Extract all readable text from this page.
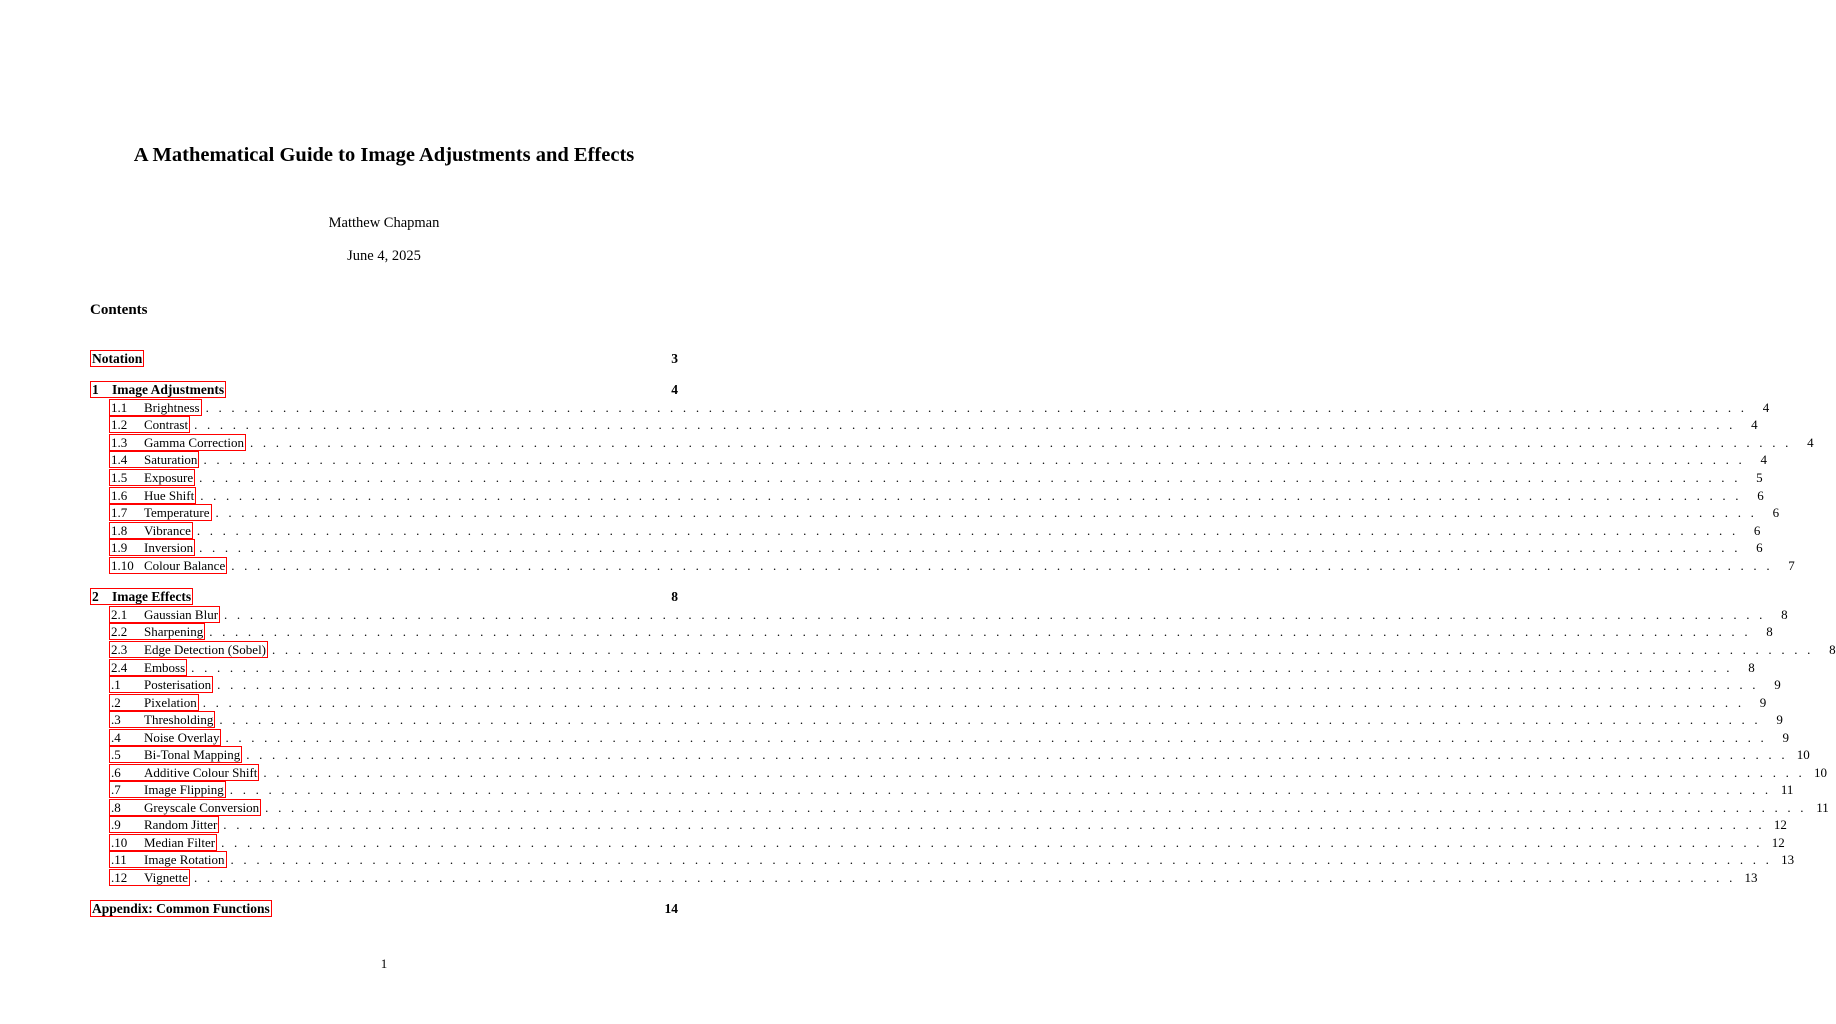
A Mathematical Guide to Image Adjustments and Effects
Matthew Chapman
June 4, 2025
Contents
Notation	3
1 Image Adjustments	4
1.1	Brightness . . . . . . . . . . . . . . . . . . . . . . . . . . . . . . . . . . . . . . . . . . . . . . . . . . . . . . . . . . . . . . . . . . . . . . . . . . . . . . . . . . . . . . . . . . . . . . . . . . . . . . . . . . . . . . . . . . . . . . . .	4
1.2	Contrast . . . . . . . . . . . . . . . . . . . . . . . . . . . . . . . . . . . . . . . . . . . . . . . . . . . . . . . . . . . . . . . . . . . . . . . . . . . . . . . . . . . . . . . . . . . . . . . . . . . . . . . . . . . . . . . . . . . . . . . .	4
1.3	Gamma Correction . . . . . . . . . . . . . . . . . . . . . . . . . . . . . . . . . . . . . . . . . . . . . . . . . . . . . . . . . . . . . . . . . . . . . . . . . . . . . . . . . . . . . . . . . . . . . . . . . . . . . . . . . . . . . . . . . . . . . . . .	4
1.4	Saturation . . . . . . . . . . . . . . . . . . . . . . . . . . . . . . . . . . . . . . . . . . . . . . . . . . . . . . . . . . . . . . . . . . . . . . . . . . . . . . . . . . . . . . . . . . . . . . . . . . . . . . . . . . . . . . . . . . . . . . . .	4
1.5	Exposure . . . . . . . . . . . . . . . . . . . . . . . . . . . . . . . . . . . . . . . . . . . . . . . . . . . . . . . . . . . . . . . . . . . . . . . . . . . . . . . . . . . . . . . . . . . . . . . . . . . . . . . . . . . . . . . . . . . . . . . .	5
1.6	Hue Shift . . . . . . . . . . . . . . . . . . . . . . . . . . . . . . . . . . . . . . . . . . . . . . . . . . . . . . . . . . . . . . . . . . . . . . . . . . . . . . . . . . . . . . . . . . . . . . . . . . . . . . . . . . . . . . . . . . . . . . . .	6
1.7	Temperature . . . . . . . . . . . . . . . . . . . . . . . . . . . . . . . . . . . . . . . . . . . . . . . . . . . . . . . . . . . . . . . . . . . . . . . . . . . . . . . . . . . . . . . . . . . . . . . . . . . . . . . . . . . . . . . . . . . . . . . .	6
1.8	Vibrance . . . . . . . . . . . . . . . . . . . . . . . . . . . . . . . . . . . . . . . . . . . . . . . . . . . . . . . . . . . . . . . . . . . . . . . . . . . . . . . . . . . . . . . . . . . . . . . . . . . . . . . . . . . . . . . . . . . . . . . .	6
1.9	Inversion . . . . . . . . . . . . . . . . . . . . . . . . . . . . . . . . . . . . . . . . . . . . . . . . . . . . . . . . . . . . . . . . . . . . . . . . . . . . . . . . . . . . . . . . . . . . . . . . . . . . . . . . . . . . . . . . . . . . . . . .	6
1.10 Colour Balance . . . . . . . . . . . . . . . . . . . . . . . . . . . . . . . . . . . . . . . . . . . . . . . . . . . . . . . . . . . . . . . . . . . . . . . . . . . . . . . . . . . . . . . . . . . . . . . . . . . . . . . . . . . . . . . . . . . . . . . .	7
2 Image Effects	8
2.1	Gaussian Blur . . . . . . . . . . . . . . . . . . . . . . . . . . . . . . . . . . . . . . . . . . . . . . . . . . . . . . . . . . . . . . . . . . . . . . . . . . . . . . . . . . . . . . . . . . . . . . . . . . . . . . . . . . . . . . . . . . . . . . . .	8
2.2	Sharpening . . . . . . . . . . . . . . . . . . . . . . . . . . . . . . . . . . . . . . . . . . . . . . . . . . . . . . . . . . . . . . . . . . . . . . . . . . . . . . . . . . . . . . . . . . . . . . . . . . . . . . . . . . . . . . . . . . . . . . . .	8
2.3	Edge Detection (Sobel) . . . . . . . . . . . . . . . . . . . . . . . . . . . . . . . . . . . . . . . . . . . . . . . . . . . . . . . . . . . . . . . . . . . . . . . . . . . . . . . . . . . . . . . . . . . . . . . . . . . . . . . . . . . . . . . . . . . . . . . .	8
2.4	Emboss . . . . . . . . . . . . . . . . . . . . . . . . . . . . . . . . . . . . . . . . . . . . . . . . . . . . . . . . . . . . . . . . . . . . . . . . . . . . . . . . . . . . . . . . . . . . . . . . . . . . . . . . . . . . . . . . . . . . . . . .	8
.1	Posterisation . . . . . . . . . . . . . . . . . . . . . . . . . . . . . . . . . . . . . . . . . . . . . . . . . . . . . . . . . . . . . . . . . . . . . . . . . . . . . . . . . . . . . . . . . . . . . . . . . . . . . . . . . . . . . . . . . . . . . . . .	9
.2	Pixelation . . . . . . . . . . . . . . . . . . . . . . . . . . . . . . . . . . . . . . . . . . . . . . . . . . . . . . . . . . . . . . . . . . . . . . . . . . . . . . . . . . . . . . . . . . . . . . . . . . . . . . . . . . . . . . . . . . . . . . . .	9
.3	Thresholding . . . . . . . . . . . . . . . . . . . . . . . . . . . . . . . . . . . . . . . . . . . . . . . . . . . . . . . . . . . . . . . . . . . . . . . . . . . . . . . . . . . . . . . . . . . . . . . . . . . . . . . . . . . . . . . . . . . . . . . .	9
.4	Noise Overlay . . . . . . . . . . . . . . . . . . . . . . . . . . . . . . . . . . . . . . . . . . . . . . . . . . . . . . . . . . . . . . . . . . . . . . . . . . . . . . . . . . . . . . . . . . . . . . . . . . . . . . . . . . . . . . . . . . . . . . . .	9
.5	Bi-Tonal Mapping . . . . . . . . . . . . . . . . . . . . . . . . . . . . . . . . . . . . . . . . . . . . . . . . . . . . . . . . . . . . . . . . . . . . . . . . . . . . . . . . . . . . . . . . . . . . . . . . . . . . . . . . . . . . . . . . . . . . . . . . 10
.6	Additive Colour Shift . . . . . . . . . . . . . . . . . . . . . . . . . . . . . . . . . . . . . . . . . . . . . . . . . . . . . . . . . . . . . . . . . . . . . . . . . . . . . . . . . . . . . . . . . . . . . . . . . . . . . . . . . . . . . . . . . . . . . . . . 10
.7	Image Flipping . . . . . . . . . . . . . . . . . . . . . . . . . . . . . . . . . . . . . . . . . . . . . . . . . . . . . . . . . . . . . . . . . . . . . . . . . . . . . . . . . . . . . . . . . . . . . . . . . . . . . . . . . . . . . . . . . . . . . . . . 11
.8	Greyscale Conversion . . . . . . . . . . . . . . . . . . . . . . . . . . . . . . . . . . . . . . . . . . . . . . . . . . . . . . . . . . . . . . . . . . . . . . . . . . . . . . . . . . . . . . . . . . . . . . . . . . . . . . . . . . . . . . . . . . . . . . . . 11
.9	Random Jitter . . . . . . . . . . . . . . . . . . . . . . . . . . . . . . . . . . . . . . . . . . . . . . . . . . . . . . . . . . . . . . . . . . . . . . . . . . . . . . . . . . . . . . . . . . . . . . . . . . . . . . . . . . . . . . . . . . . . . . . . 12
.10	Median Filter . . . . . . . . . . . . . . . . . . . . . . . . . . . . . . . . . . . . . . . . . . . . . . . . . . . . . . . . . . . . . . . . . . . . . . . . . . . . . . . . . . . . . . . . . . . . . . . . . . . . . . . . . . . . . . . . . . . . . . . . 12
.11	Image Rotation . . . . . . . . . . . . . . . . . . . . . . . . . . . . . . . . . . . . . . . . . . . . . . . . . . . . . . . . . . . . . . . . . . . . . . . . . . . . . . . . . . . . . . . . . . . . . . . . . . . . . . . . . . . . . . . . . . . . . . . . 13
.12	Vignette . . . . . . . . . . . . . . . . . . . . . . . . . . . . . . . . . . . . . . . . . . . . . . . . . . . . . . . . . . . . . . . . . . . . . . . . . . . . . . . . . . . . . . . . . . . . . . . . . . . . . . . . . . . . . . . . . . . . . . . . 13
Appendix: Common Functions	14
1
